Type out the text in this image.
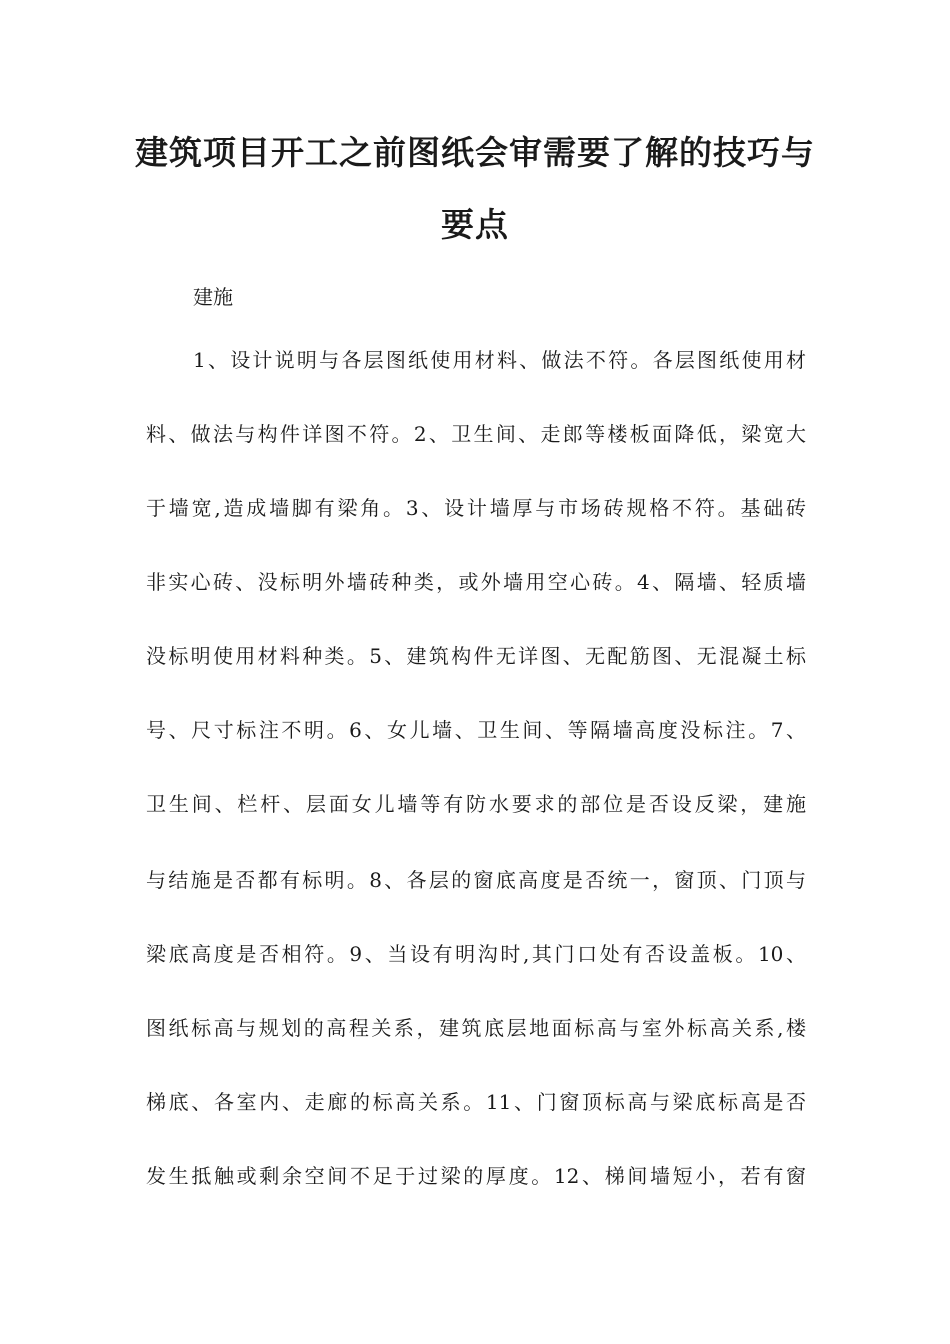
建筑项目开工之前图纸会审需要了解的技巧与
要点
建施
1、设计说明与各层图纸使用材料、做法不符。各层图纸使用材
料、做法与构件详图不符。2、卫生间、走郎等楼板面降低，梁宽大
于墙宽,造成墙脚有梁角。3、设计墙厚与市场砖规格不符。基础砖
非实心砖、没标明外墙砖种类，或外墙用空心砖。4、隔墙、轻质墙
没标明使用材料种类。5、建筑构件无详图、无配筋图、无混凝土标
号、尺寸标注不明。6、女儿墙、卫生间、等隔墙高度没标注。7、
卫生间、栏杆、层面女儿墙等有防水要求的部位是否设反梁，建施
与结施是否都有标明。8、各层的窗底高度是否统一，窗顶、门顶与
梁底高度是否相符。9、当设有明沟时,其门口处有否设盖板。10、
图纸标高与规划的高程关系，建筑底层地面标高与室外标高关系,楼
梯底、各室内、走廊的标高关系。11、门窗顶标高与梁底标高是否
发生抵触或剩余空间不足于过梁的厚度。12、梯间墙短小，若有窗
